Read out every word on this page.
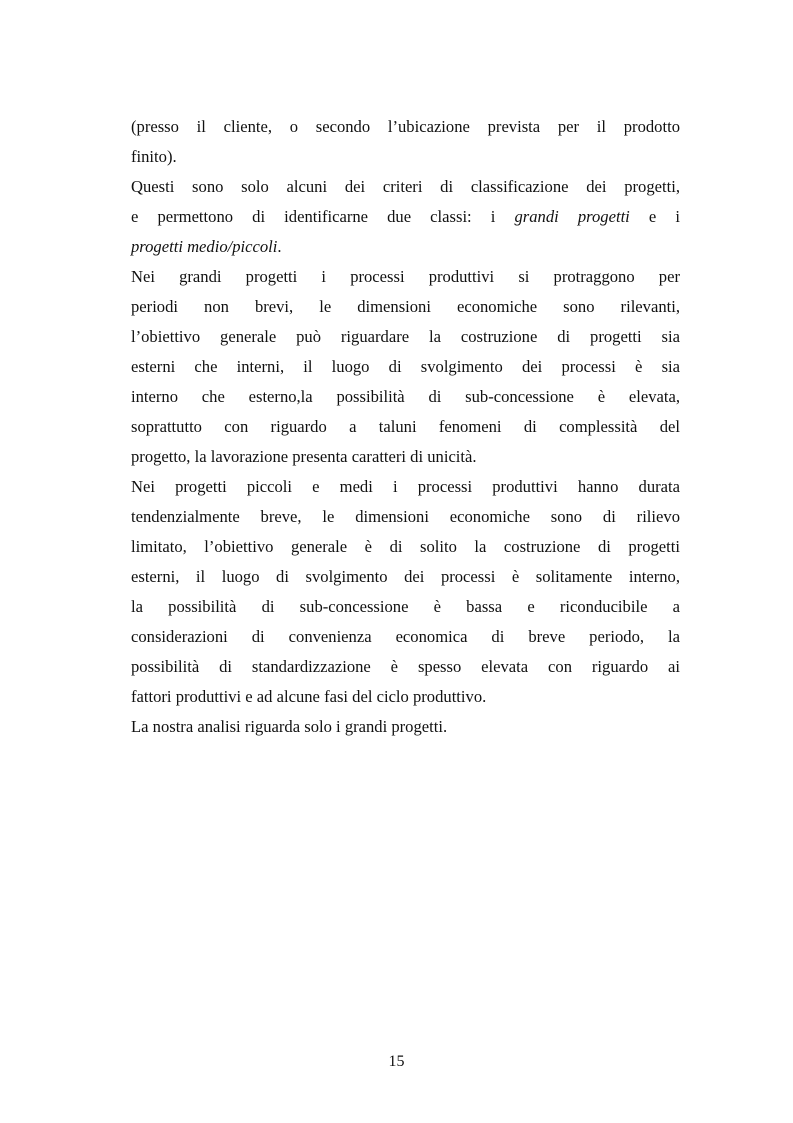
(presso il cliente, o secondo l’ubicazione prevista per il prodotto
finito).
Questi sono solo alcuni dei criteri di classificazione dei progetti,
e permettono di identificarne due classi: i grandi progetti e i
progetti medio/piccoli.
Nei grandi progetti i processi produttivi si protraggono per
periodi non brevi, le dimensioni economiche sono rilevanti,
l’obiettivo generale può riguardare la costruzione di progetti sia
esterni che interni, il luogo di svolgimento dei processi è sia
interno che esterno,la possibilità di sub-concessione è elevata,
soprattutto con riguardo a taluni fenomeni di complessità del
progetto, la lavorazione presenta caratteri di unicità.
Nei progetti piccoli e medi i processi produttivi hanno durata
tendenzialmente breve, le dimensioni economiche sono di rilievo
limitato, l’obiettivo generale è di solito la costruzione di progetti
esterni, il luogo di svolgimento dei processi è solitamente interno,
la possibilità di sub-concessione è bassa e riconducibile a
considerazioni di convenienza economica di breve periodo, la
possibilità di standardizzazione è spesso elevata con riguardo ai
fattori produttivi e ad alcune fasi del ciclo produttivo.
La nostra analisi riguarda solo i grandi progetti.
15
